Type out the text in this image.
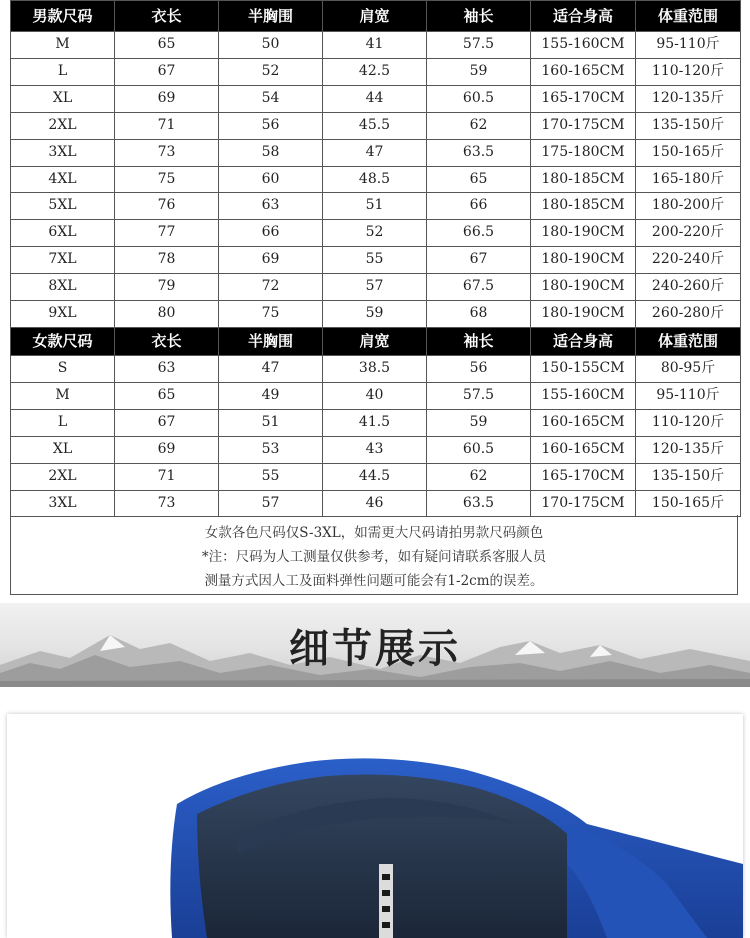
男款尺码	衣长	半胸围	肩宽	袖长	适合身高	体重范围
M	65	50	41	57.5	155-160CM	95-110斤
L	67	52	42.5	59	160-165CM	110-120斤
XL	69	54	44	60.5	165-170CM	120-135斤
2XL	71	56	45.5	62	170-175CM	135-150斤
3XL	73	58	47	63.5	175-180CM	150-165斤
4XL	75	60	48.5	65	180-185CM	165-180斤
5XL	76	63	51	66	180-185CM	180-200斤
6XL	77	66	52	66.5	180-190CM	200-220斤
7XL	78	69	55	67	180-190CM	220-240斤
8XL	79	72	57	67.5	180-190CM	240-260斤
9XL	80	75	59	68	180-190CM	260-280斤
女款尺码	衣长	半胸围	肩宽	袖长	适合身高	体重范围
S	63	47	38.5	56	150-155CM	80-95斤
M	65	49	40	57.5	155-160CM	95-110斤
L	67	51	41.5	59	160-165CM	110-120斤
XL	69	53	43	60.5	160-165CM	120-135斤
2XL	71	55	44.5	62	165-170CM	135-150斤
3XL	73	57	46	63.5	170-175CM	150-165斤

女款各色尺码仅S-3XL，如需更大尺码请拍男款尺码颜色

*注：尺码为人工测量仅供参考，如有疑问请联系客服人员

测量方式因人工及面料弹性问题可能会有1-2cm的误差。

细节展示
